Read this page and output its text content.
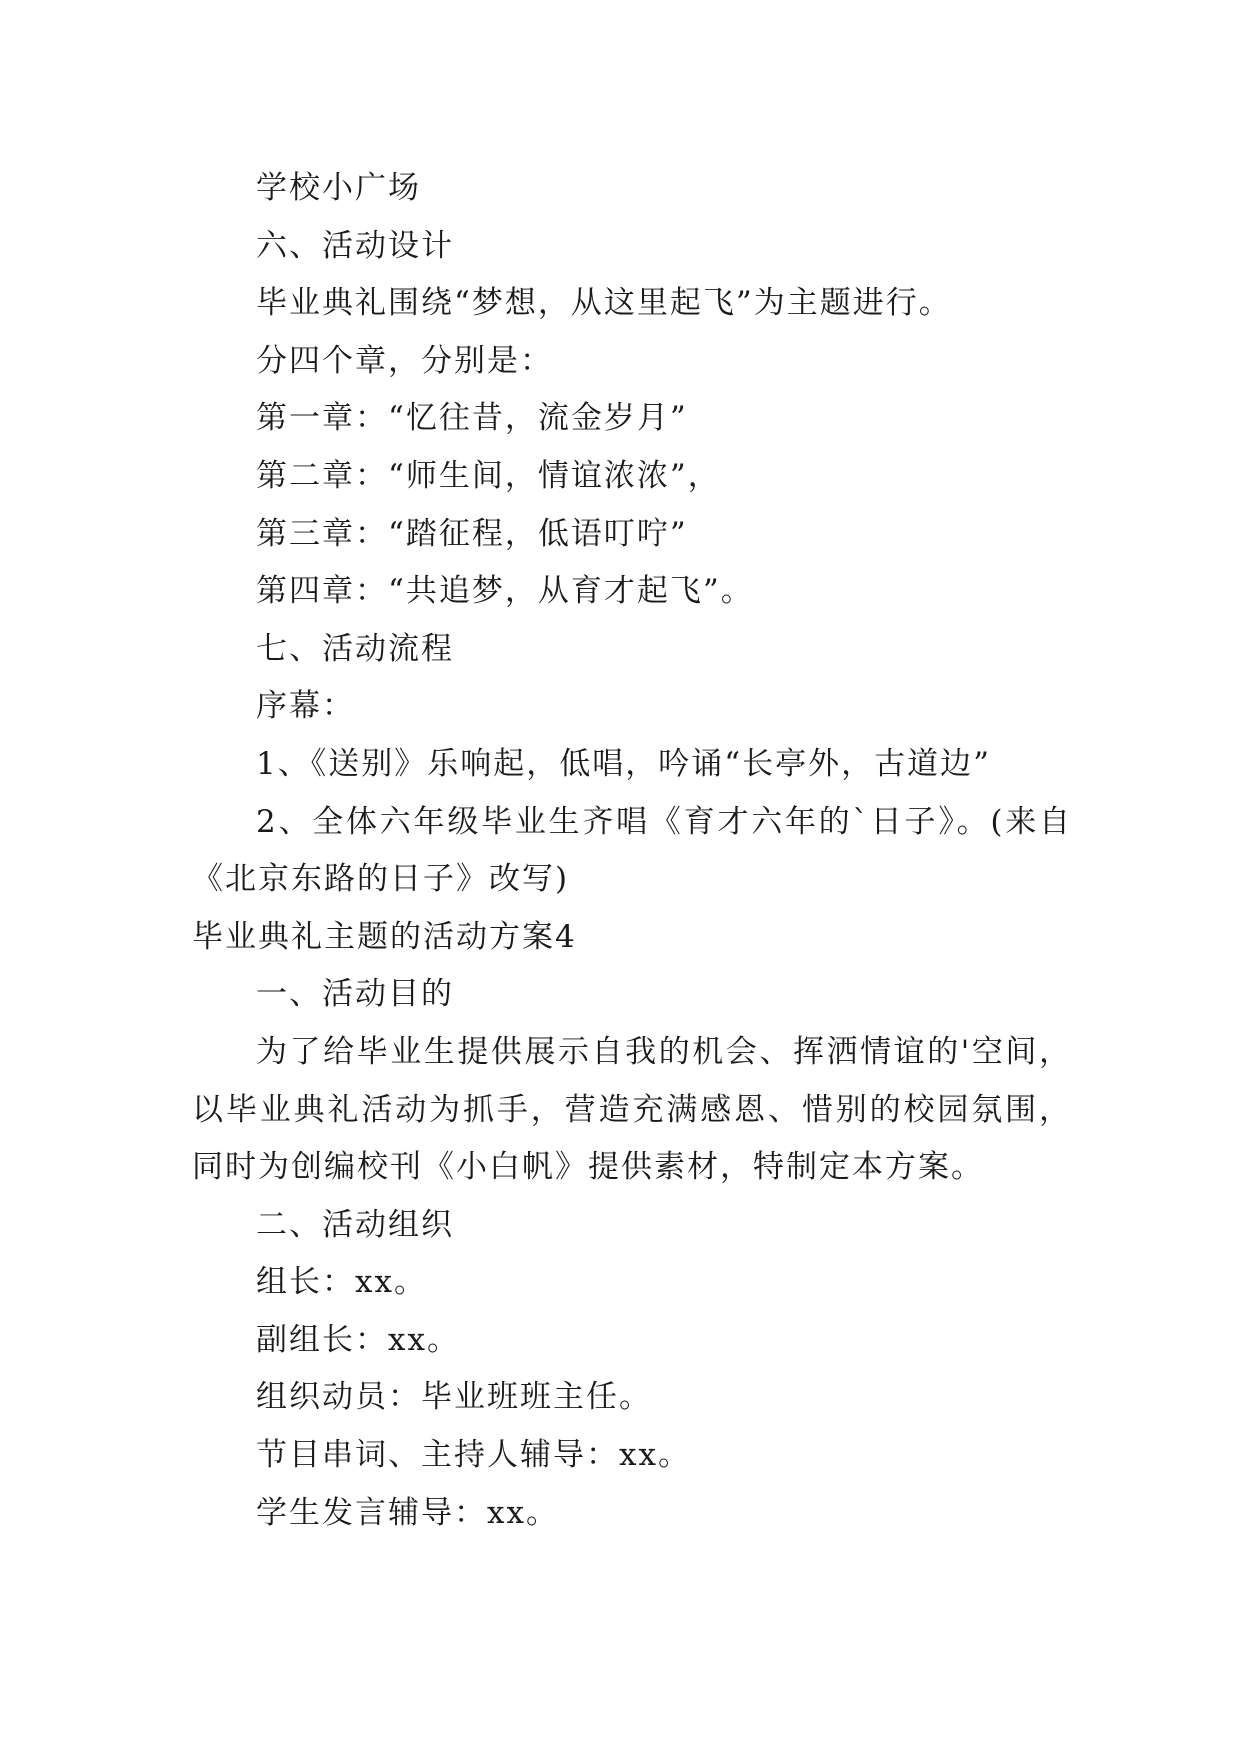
学校小广场
六、活动设计
毕业典礼围绕“梦想，从这里起飞”为主题进行。
分四个章，分别是：
第一章：“忆往昔，流金岁月”
第二章：“师生间，情谊浓浓”，
第三章：“踏征程，低语叮咛”
第四章：“共追梦，从育才起飞”。
七、活动流程
序幕：
1、《送别》乐响起，低唱，吟诵“长亭外，古道边”
2、全体六年级毕业生齐唱《育才六年的`日子》。(来自《北京东路的日子》改写)
毕业典礼主题的活动方案4
一、活动目的
为了给毕业生提供展示自我的机会、挥洒情谊的'空间，以毕业典礼活动为抓手，营造充满感恩、惜别的校园氛围，同时为创编校刊《小白帆》提供素材，特制定本方案。
二、活动组织
组长：xx。
副组长：xx。
组织动员：毕业班班主任。
节目串词、主持人辅导：xx。
学生发言辅导：xx。
